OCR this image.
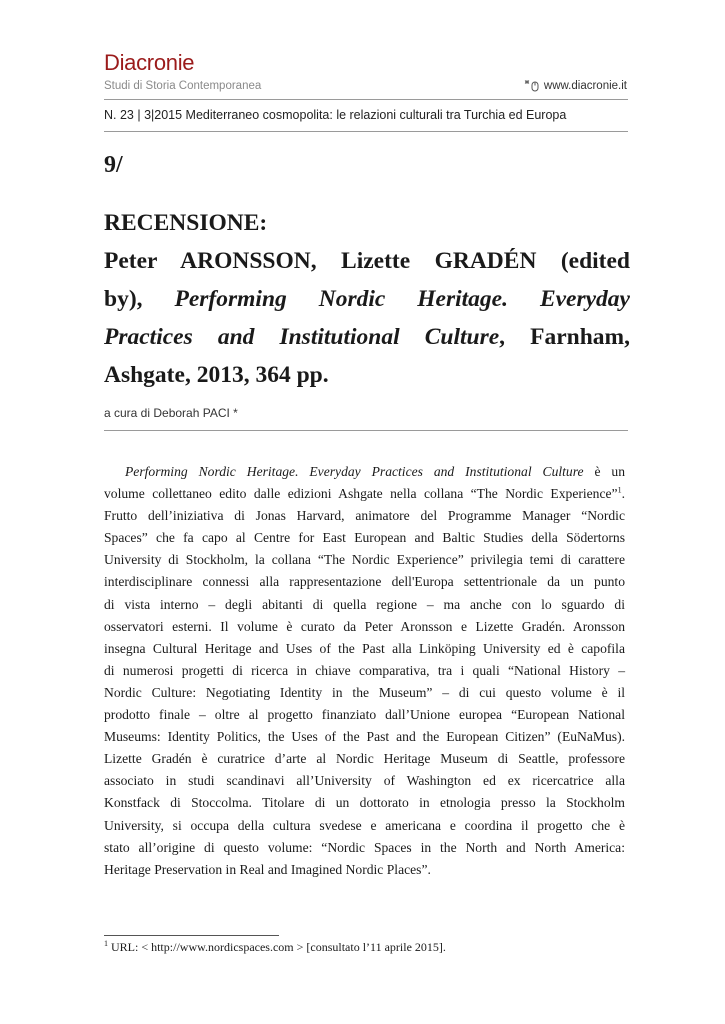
Diacronie
Studi di Storia Contemporanea	www.diacronie.it
N. 23 | 3|2015 Mediterraneo cosmopolita: le relazioni culturali tra Turchia ed Europa
9/
RECENSIONE:
Peter ARONSSON, Lizette GRADÉN (edited
by), Performing Nordic Heritage. Everyday
Practices and Institutional Culture, Farnham,
Ashgate, 2013, 364 pp.
a cura di Deborah PACI *
Performing Nordic Heritage. Everyday Practices and Institutional Culture è un
volume collettaneo edito dalle edizioni Ashgate nella collana “The Nordic Experience”$^1$.
Frutto dell’iniziativa di Jonas Harvard, animatore del Programme Manager “Nordic
Spaces” che fa capo al Centre for East European and Baltic Studies della Södertorns
University di Stockholm, la collana “The Nordic Experience” privilegia temi di carattere
interdisciplinare connessi alla rappresentazione dell'Europa settentrionale da un punto
di vista interno – degli abitanti di quella regione – ma anche con lo sguardo di
osservatori esterni. Il volume è curato da Peter Aronsson e Lizette Gradén. Aronsson
insegna Cultural Heritage and Uses of the Past alla Linköping University ed è capofila
di numerosi progetti di ricerca in chiave comparativa, tra i quali “National History –
Nordic Culture: Negotiating Identity in the Museum” – di cui questo volume è il
prodotto finale – oltre al progetto finanziato dall’Unione europea “European National
Museums: Identity Politics, the Uses of the Past and the European Citizen” (EuNaMus).
Lizette Gradén è curatrice d’arte al Nordic Heritage Museum di Seattle, professore
associato in studi scandinavi all’University of Washington ed ex ricercatrice alla
Konstfack di Stoccolma. Titolare di un dottorato in etnologia presso la Stockholm
University, si occupa della cultura svedese e americana e coordina il progetto che è
stato all’origine di questo volume: “Nordic Spaces in the North and North America:
Heritage Preservation in Real and Imagined Nordic Places”.
$^1$ URL: < http://www.nordicspaces.com > [consultato l’11 aprile 2015].
